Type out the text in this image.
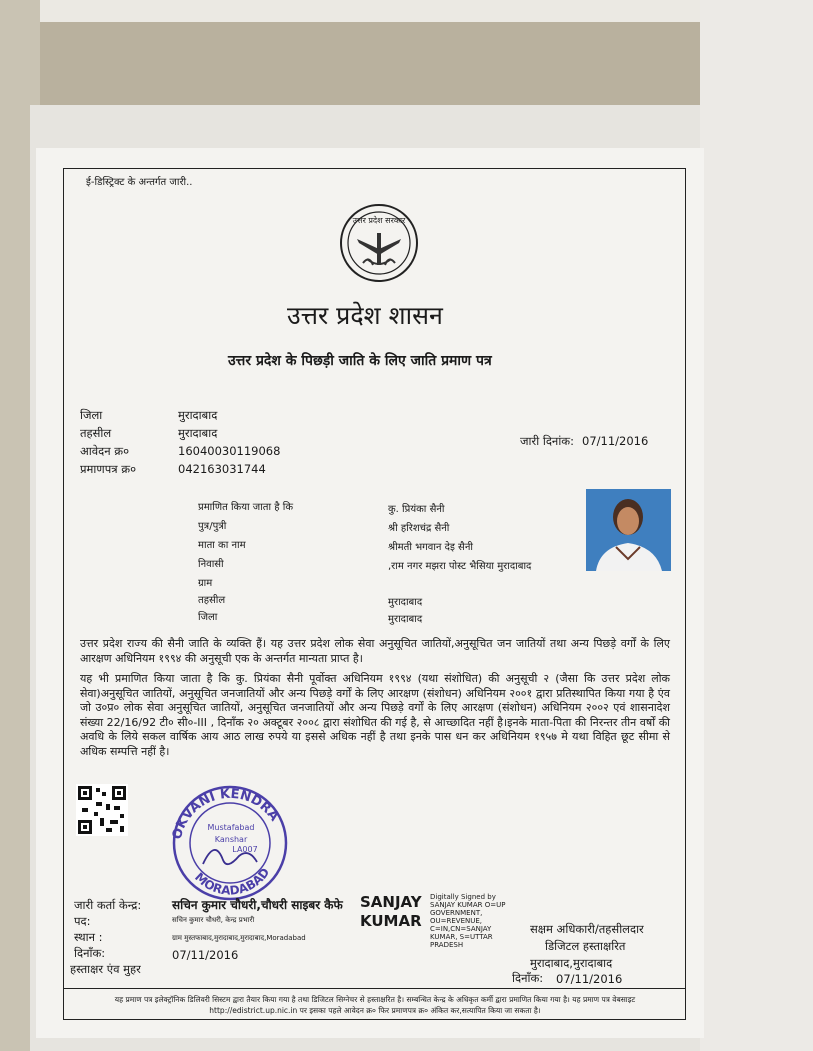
ई-डिस्ट्रिक्ट के अन्तर्गत जारी..
उत्तर प्रदेश सरकार
उत्तर प्रदेश शासन
उत्तर प्रदेश के पिछड़ी जाति के लिए जाति प्रमाण पत्र
जिला	मुरादाबाद
तहसील	मुरादाबाद
आवेदन क्र०	16040030119068
प्रमाणपत्र क्र०	042163031744
जारी दिनांक: 07/11/2016
प्रमाणित किया जाता है कि	कु. प्रियंका सैनी
पुत्र/पुत्री	श्री हरिशचंद्र सैनी
माता का नाम	श्रीमती भगवान देइ सैनी
निवासी	,राम नगर मझरा पोस्ट भैसिया मुरादाबाद
ग्राम
तहसील	मुरादाबाद
जिला	मुरादाबाद
उत्तर प्रदेश राज्य की सैनी जाति के व्यक्ति हैं। यह उत्तर प्रदेश लोक सेवा अनुसूचित जातियों,अनुसूचित जन जातियों तथा अन्य पिछड़े वर्गों के लिए आरक्षण अधिनियम १९९४ की अनुसूची एक के अन्तर्गत मान्यता प्राप्त है।
यह भी प्रमाणित किया जाता है कि कु. प्रियंका सैनी पूर्वोक्त अधिनियम १९९४ (यथा संशोधित) की अनुसूची २ (जैसा कि उत्तर प्रदेश लोक सेवा)अनुसूचित जातियों, अनुसूचित जनजातियों और अन्य पिछड़े वर्गों के लिए आरक्षण (संशोधन) अधिनियम २००१ द्वारा प्रतिस्थापित किया गया है एंव जो उ०प्र० लोक सेवा अनुसूचित जातियों, अनुसूचित जनजातियों और अन्य पिछड़े वर्गों के लिए आरक्षण (संशोधन) अधिनियम २००२ एवं शासनादेश संख्या 22/16/92 टी० सी०-III , दिनाँक २० अक्टूबर २००८ द्वारा संशोधित की गई है, से आच्छादित नहीं है।इनके माता-पिता की निरन्तर तीन वर्षों की अवधि के लिये सकल वार्षिक आय आठ लाख रुपये या इससे अधिक नहीं है तथा इनके पास धन कर अधिनियम १९५७ मे यथा विहित छूट सीमा से अधिक सम्पत्ति नहीं है।
OKVANI KENDRA
MORADABAD
Mustafabad
Kanshar
LA007
जारी कर्ता केन्द्र:	सचिन कुमार चौधरी,चौधरी साइबर कैफे
पद:	सचिन कुमार चौधरी, केन्द्र प्रभारी
स्थान :	ग्राम मुस्तफाबाद,मुरादाबाद,मुरादाबाद,Moradabad
दिनाँक:	07/11/2016
हस्ताक्षर एंव मुहर
SANJAY
KUMAR
Digitally Signed by
SANJAY KUMAR O=UP
GOVERNMENT,
OU=REVENUE,
C=IN,CN=SANJAY
KUMAR, S=UTTAR
PRADESH
सक्षम अधिकारी/तहसीलदार
डिजिटल हस्ताक्षरित
मुरादाबाद,मुरादाबाद
दिनाँक: 07/11/2016
यह प्रमाण पत्र इलेक्ट्रॉनिक डिलिवरी सिस्टम द्वारा तैयार किया गया है तथा डिजिटल सिग्नेचर से हस्ताक्षरित है। सम्बन्धित केन्द्र के अधिकृत कर्मी द्वारा प्रमाणित किया गया है। यह प्रमाण पत्र वेबसाइट http://edistrict.up.nic.in पर इसका पहले आवेदन क्र० फिर प्रमाणपत्र क्र० अंकित कर,सत्यापित किया जा सकता है।
